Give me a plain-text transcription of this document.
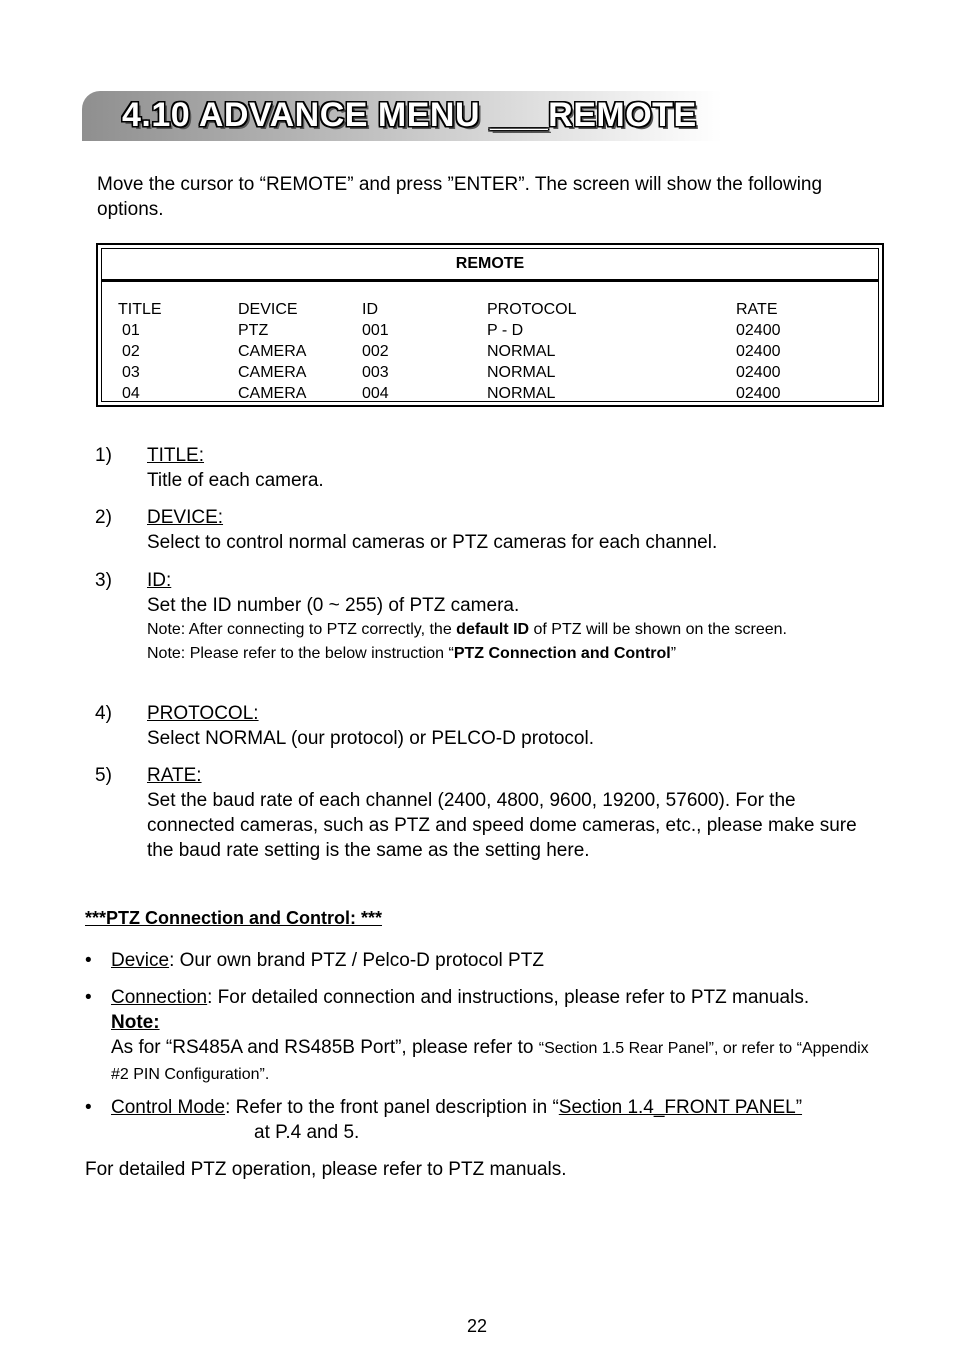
4.10 ADVANCE MENU ___REMOTE

Move the cursor to “REMOTE” and press ”ENTER”. The screen will show the following options.

REMOTE
TITLE	DEVICE	ID	PROTOCOL	RATE
01	PTZ	001	P - D	02400
02	CAMERA	002	NORMAL	02400
03	CAMERA	003	NORMAL	02400
04	CAMERA	004	NORMAL	02400
1) TITLE:
Title of each camera.
2) DEVICE:
Select to control normal cameras or PTZ cameras for each channel.
3) ID:
Set the ID number (0 ~ 255) of PTZ camera.
Note: After connecting to PTZ correctly, the default ID of PTZ will be shown on the screen.
Note: Please refer to the below instruction “PTZ Connection and Control”
4) PROTOCOL:
Select NORMAL (our protocol) or PELCO-D protocol.
5) RATE:
Set the baud rate of each channel (2400, 4800, 9600, 19200, 57600). For the connected cameras, such as PTZ and speed dome cameras, etc., please make sure the baud rate setting is the same as the setting here.
***PTZ Connection and Control: ***
• Device: Our own brand PTZ / Pelco-D protocol PTZ
• Connection: For detailed connection and instructions, please refer to PTZ manuals.
Note:
As for “RS485A and RS485B Port”, please refer to “Section 1.5 Rear Panel”, or refer to “Appendix #2 PIN Configuration”.
• Control Mode: Refer to the front panel description in “Section 1.4_FRONT PANEL”
at P.4 and 5.
For detailed PTZ operation, please refer to PTZ manuals.
22
